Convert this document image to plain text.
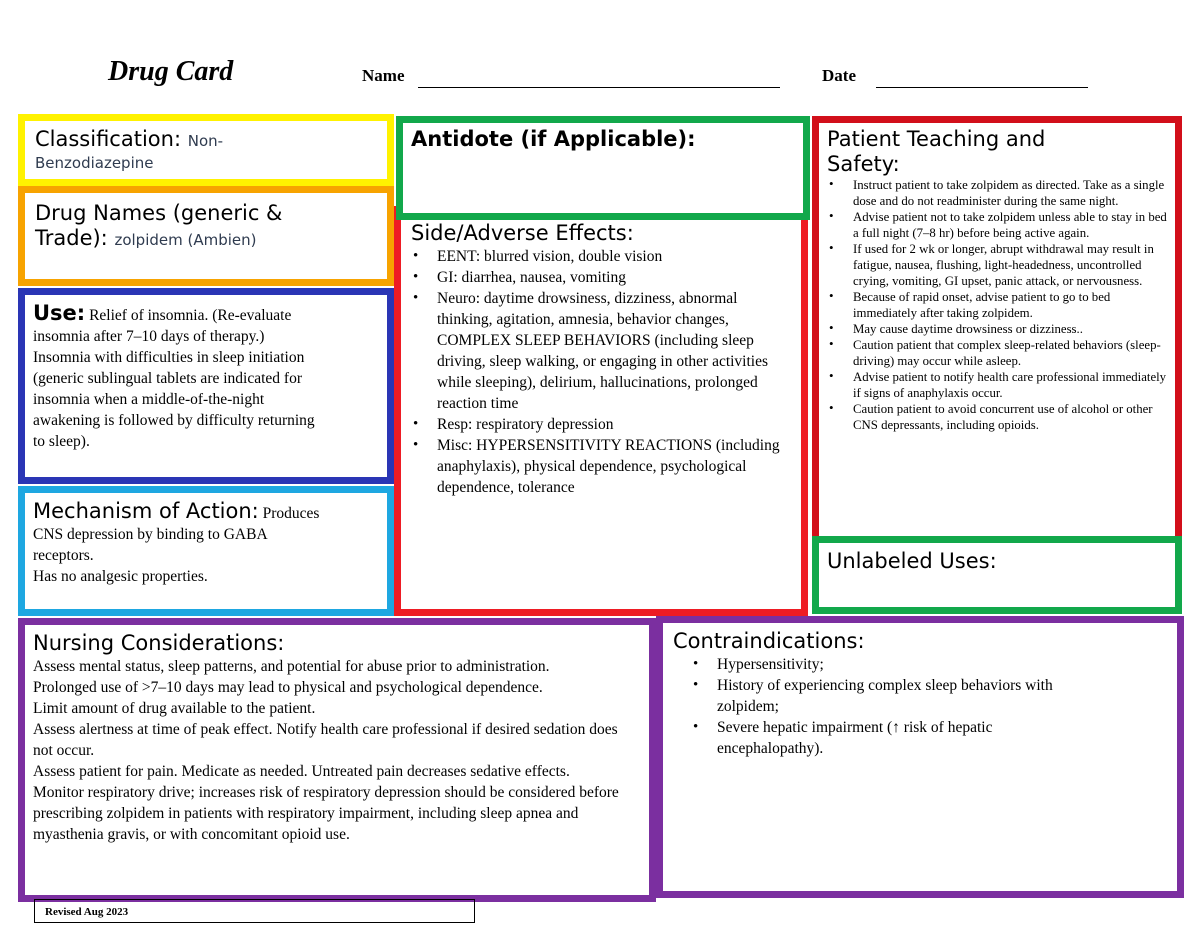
Drug Card	Name	Date
Classification: Non-
Benzodiazepine
Drug Names (generic &
Trade): zolpidem (Ambien)
Use: Relief of insomnia. (Re-evaluate
insomnia after 7–10 days of therapy.)
Insomnia with difficulties in sleep initiation
(generic sublingual tablets are indicated for
insomnia when a middle-of-the-night
awakening is followed by difficulty returning
to sleep).
Mechanism of Action: Produces
CNS depression by binding to GABA
receptors.
Has no analgesic properties.
Side/Adverse Effects:
• EENT: blurred vision, double vision
• GI: diarrhea, nausea, vomiting
• Neuro: daytime drowsiness, dizziness, abnormal thinking, agitation, amnesia, behavior changes, COMPLEX SLEEP BEHAVIORS (including sleep driving, sleep walking, or engaging in other activities while sleeping), delirium, hallucinations, prolonged reaction time
• Resp: respiratory depression
• Misc: HYPERSENSITIVITY REACTIONS (including anaphylaxis), physical dependence, psychological dependence, tolerance
Antidote (if Applicable):	Patient Teaching and
Safety:
• Instruct patient to take zolpidem as directed. Take as a single dose and do not readminister during the same night.
• Advise patient not to take zolpidem unless able to stay in bed a full night (7–8 hr) before being active again.
• If used for 2 wk or longer, abrupt withdrawal may result in fatigue, nausea, flushing, light-headedness, uncontrolled crying, vomiting, GI upset, panic attack, or nervousness.
• Because of rapid onset, advise patient to go to bed immediately after taking zolpidem.
• May cause daytime drowsiness or dizziness..
• Caution patient that complex sleep-related behaviors (sleep-driving) may occur while asleep.
• Advise patient to notify health care professional immediately if signs of anaphylaxis occur.
• Caution patient to avoid concurrent use of alcohol or other CNS depressants, including opioids.
Unlabeled Uses:
Nursing Considerations:

Assess mental status, sleep patterns, and potential for abuse prior to administration.

Prolonged use of >7–10 days may lead to physical and psychological dependence.

Limit amount of drug available to the patient.

Assess alertness at time of peak effect. Notify health care professional if desired sedation does not occur.

Assess patient for pain. Medicate as needed. Untreated pain decreases sedative effects.

Monitor respiratory drive; increases risk of respiratory depression should be considered before prescribing zolpidem in patients with respiratory impairment, including sleep apnea and myasthenia gravis, or with concomitant opioid use.

Contraindications:
• Hypersensitivity;
• History of experiencing complex sleep behaviors with zolpidem;
• Severe hepatic impairment (↑ risk of hepatic encephalopathy).
Revised Aug 2023
